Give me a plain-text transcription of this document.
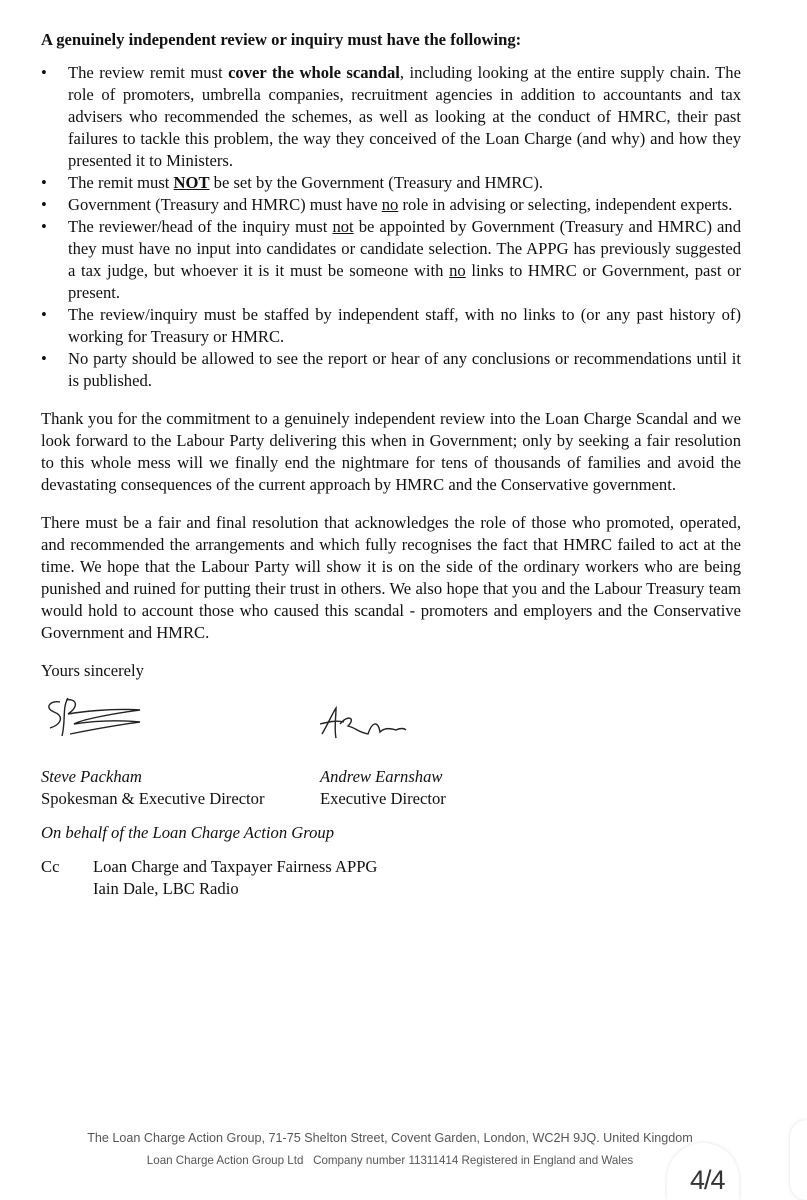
A genuinely independent review or inquiry must have the following:
• The review remit must cover the whole scandal, including looking at the entire supply chain. The role of promoters, umbrella companies, recruitment agencies in addition to accountants and tax advisers who recommended the schemes, as well as looking at the conduct of HMRC, their past failures to tackle this problem, the way they conceived of the Loan Charge (and why) and how they presented it to Ministers.
• The remit must NOT be set by the Government (Treasury and HMRC).
• Government (Treasury and HMRC) must have no role in advising or selecting, independent experts.
• The reviewer/head of the inquiry must not be appointed by Government (Treasury and HMRC) and they must have no input into candidates or candidate selection. The APPG has previously suggested a tax judge, but whoever it is it must be someone with no links to HMRC or Government, past or present.
• The review/inquiry must be staffed by independent staff, with no links to (or any past history of) working for Treasury or HMRC.
• No party should be allowed to see the report or hear of any conclusions or recommendations until it is published.

Thank you for the commitment to a genuinely independent review into the Loan Charge Scandal and we look forward to the Labour Party delivering this when in Government; only by seeking a fair resolution to this whole mess will we finally end the nightmare for tens of thousands of families and avoid the devastating consequences of the current approach by HMRC and the Conservative government.

There must be a fair and final resolution that acknowledges the role of those who promoted, operated, and recommended the arrangements and which fully recognises the fact that HMRC failed to act at the time. We hope that the Labour Party will show it is on the side of the ordinary workers who are being punished and ruined for putting their trust in others. We also hope that you and the Labour Treasury team would hold to account those who caused this scandal - promoters and employers and the Conservative Government and HMRC.

Yours sincerely
Steve Packham
Spokesman & Executive Director
Andrew Earnshaw
Executive Director
On behalf of the Loan Charge Action Group
Cc	Loan Charge and Taxpayer Fairness APPG
Iain Dale, LBC Radio
The Loan Charge Action Group, 71-75 Shelton Street, Covent Garden, London, WC2H 9JQ. United Kingdom
Loan Charge Action Group Ltd   Company number 11311414 Registered in England and Wales
4/4
